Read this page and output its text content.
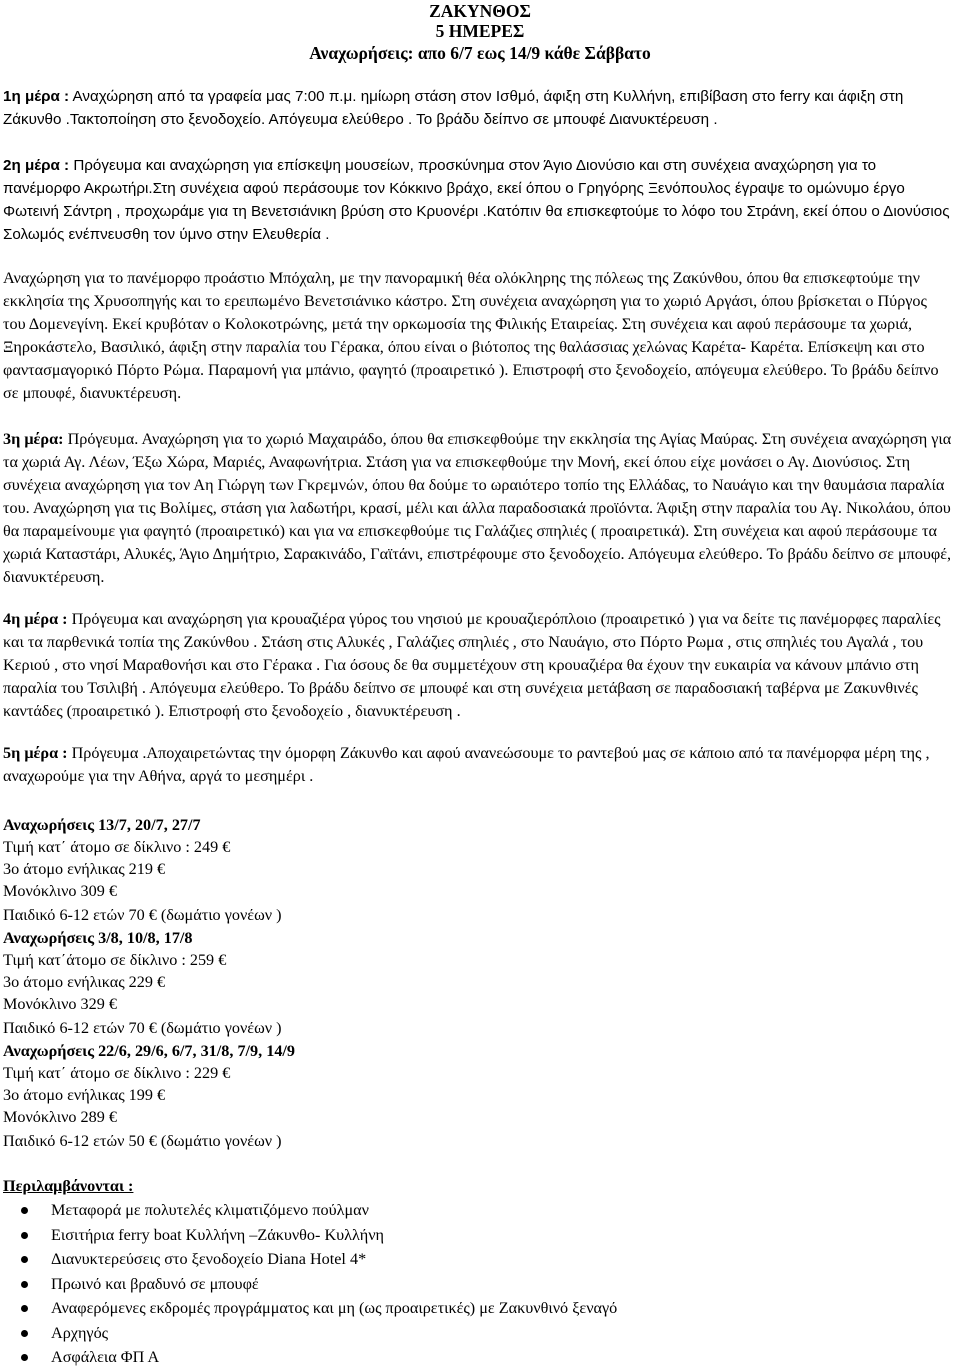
ΖΑΚΥΝΘΟΣ
5 ΗΜΕΡΕΣ
Αναχωρήσεις: απο 6/7 εως 14/9 κάθε Σάββατο
1η μέρα : Αναχώρηση από τα γραφεία μας 7:00 π.μ. ημίωρη στάση στον Ισθμό, άφιξη στη Κυλλήνη, επιβίβαση στο ferry και άφιξη στη Ζάκυνθο .Τακτοποίηση στο ξενοδοχείο. Απόγευμα ελεύθερο . Το βράδυ δείπνο σε μπουφέ Διανυκτέρευση .
2η μέρα : Πρόγευμα και αναχώρηση για επίσκεψη μουσείων, προσκύνημα στον Άγιο Διονύσιο και στη συνέχεια αναχώρηση για το πανέμορφο Ακρωτήρι.Στη συνέχεια αφού περάσουμε τον Κόκκινο βράχο, εκεί όπου ο Γρηγόρης Ξενόπουλος έγραψε το ομώνυμο έργο Φωτεινή Σάντρη , προχωράμε για τη Βενετσιάνικη βρύση στο Κρυονέρι .Κατόπιν θα επισκεφτούμε το λόφο του Στράνη, εκεί όπου ο Διονύσιος Σολωμός ενέπνευσθη τον ύμνο στην Ελευθερία .
Αναχώρηση για το πανέμορφο προάστιο Μπόχαλη, με την πανοραμική θέα ολόκληρης της πόλεως της Ζακύνθου, όπου θα επισκεφτούμε την εκκλησία της Χρυσοπηγής και το ερειπωμένο Βενετσιάνικο κάστρο. Στη συνέχεια αναχώρηση για το χωριό Αργάσι, όπου βρίσκεται ο Πύργος του Δομενεγίνη. Εκεί κρυβόταν ο Κολοκοτρώνης, μετά την ορκωμοσία της Φιλικής Εταιρείας. Στη συνέχεια και αφού περάσουμε τα χωριά, Ξηροκάστελο, Βασιλικό, άφιξη στην παραλία του Γέρακα, όπου είναι ο βιότοπος της θαλάσσιας χελώνας Καρέτα- Καρέτα. Επίσκεψη και στο φαντασμαγορικό Πόρτο Ρώμα. Παραμονή για μπάνιο, φαγητό (προαιρετικό ). Επιστροφή στο ξενοδοχείο, απόγευμα ελεύθερο. Το βράδυ δείπνο σε μπουφέ, διανυκτέρευση.
3η μέρα: Πρόγευμα. Αναχώρηση για το χωριό Μαχαιράδο, όπου θα επισκεφθούμε την εκκλησία της Αγίας Μαύρας. Στη συνέχεια αναχώρηση για τα χωριά Αγ. Λέων, Έξω Χώρα, Μαριές, Αναφωνήτρια. Στάση για να επισκεφθούμε την Μονή, εκεί όπου είχε μονάσει ο Αγ. Διονύσιος. Στη συνέχεια αναχώρηση για τον Αη Γιώργη των Γκρεμνών, όπου θα δούμε το ωραιότερο τοπίο της Ελλάδας, το Ναυάγιο και την θαυμάσια παραλία του. Αναχώρηση για τις Βολίμες, στάση για λαδωτήρι, κρασί, μέλι και άλλα παραδοσιακά προϊόντα. Άφιξη στην παραλία του Αγ. Νικολάου, όπου θα παραμείνουμε για φαγητό (προαιρετικό) και για να επισκεφθούμε τις Γαλάζιες σπηλιές ( προαιρετικά). Στη συνέχεια και αφού περάσουμε τα χωριά Καταστάρι, Αλυκές, Άγιο Δημήτριο, Σαρακινάδο, Γαϊτάνι, επιστρέφουμε στο ξενοδοχείο. Απόγευμα ελεύθερο. Το βράδυ δείπνο σε μπουφέ, διανυκτέρευση.
4η μέρα : Πρόγευμα και αναχώρηση για κρουαζιέρα γύρος του νησιού με κρουαζιερόπλοιο (προαιρετικό ) για να δείτε τις πανέμορφες παραλίες και τα παρθενικά τοπία της Ζακύνθου . Στάση στις Αλυκές , Γαλάζιες σπηλιές , στο Ναυάγιο, στο Πόρτο Ρωμα , στις σπηλιές του Αγαλά , του Κεριού , στο νησί Μαραθονήσι και στο Γέρακα . Για όσους δε θα συμμετέχουν στη κρουαζιέρα θα έχουν την ευκαιρία να κάνουν μπάνιο στη παραλία του Τσιλιβή . Απόγευμα ελεύθερο. Το βράδυ δείπνο σε μπουφέ και στη συνέχεια μετάβαση σε παραδοσιακή ταβέρνα με Ζακυνθινές καντάδες (προαιρετικό ). Επιστροφή στο ξενοδοχείο , διανυκτέρευση .
5η μέρα : Πρόγευμα .Αποχαιρετώντας την όμορφη Ζάκυνθο και αφού ανανεώσουμε το ραντεβού μας σε κάποιο από τα πανέμορφα μέρη της , αναχωρούμε για την Αθήνα, αργά το μεσημέρι .
Αναχωρήσεις 13/7, 20/7, 27/7
Τιμή κατ΄ άτομο σε δίκλινο : 249 €
3ο άτομο ενήλικας 219 €
Μονόκλινο 309 €
Παιδικό 6-12 ετών 70 € (δωμάτιο γονέων )
Αναχωρήσεις 3/8, 10/8, 17/8
Τιμή κατ΄άτομο σε δίκλινο : 259 €
3ο άτομο ενήλικας 229 €
Μονόκλινο 329 €
Παιδικό 6-12 ετών 70 € (δωμάτιο γονέων )
Αναχωρήσεις 22/6, 29/6, 6/7, 31/8, 7/9, 14/9
Τιμή κατ΄ άτομο σε δίκλινο : 229 €
3ο άτομο ενήλικας 199 €
Μονόκλινο 289 €
Παιδικό 6-12 ετών 50 € (δωμάτιο γονέων )
Περιλαμβάνονται :
Μεταφορά με πολυτελές κλιματιζόμενο πούλμαν
Εισιτήρια ferry boat Κυλλήνη –Ζάκυνθο- Κυλλήνη
Διανυκτερεύσεις στο ξενοδοχείο Diana Hotel 4*
Πρωινό και βραδυνό σε μπουφέ
Αναφερόμενες εκδρομές προγράμματος και μη (ως προαιρετικές) με Ζακυνθινό ξεναγό
Αρχηγός
Ασφάλεια ΦΠ Α
